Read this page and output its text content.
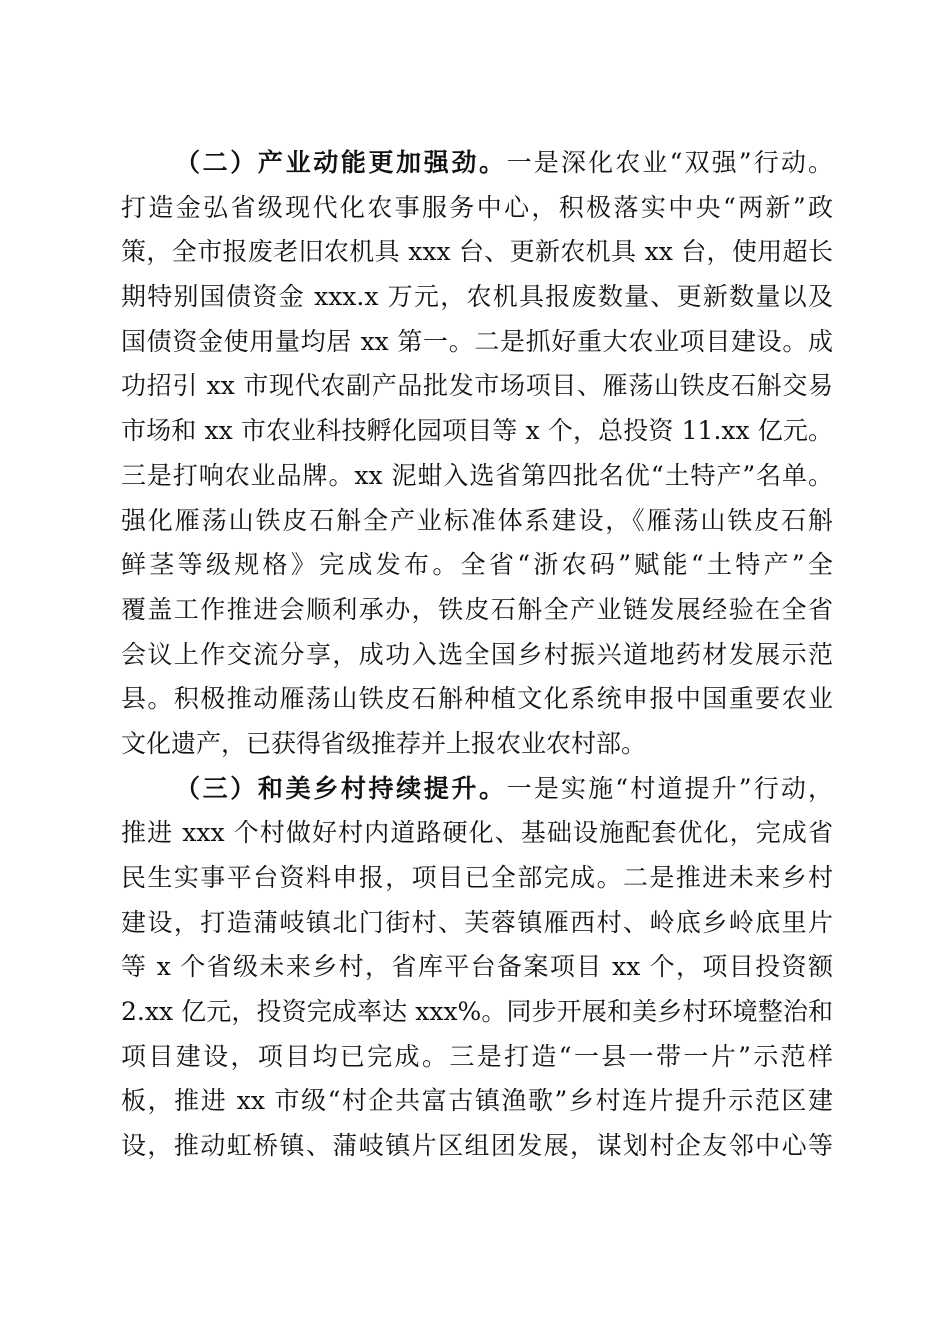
（二）产业动能更加强劲。一是深化农业“双强”行动。
打造金弘省级现代化农事服务中心，积极落实中央“两新”政
策，全市报废老旧农机具 xxx 台、更新农机具 xx 台，使用超长
期特别国债资金 xxx.x 万元，农机具报废数量、更新数量以及
国债资金使用量均居 xx 第一。二是抓好重大农业项目建设。成
功招引 xx 市现代农副产品批发市场项目、雁荡山铁皮石斛交易
市场和 xx 市农业科技孵化园项目等 x 个，总投资 11.xx 亿元。
三是打响农业品牌。xx 泥蚶入选省第四批名优“土特产”名单。
强化雁荡山铁皮石斛全产业标准体系建设，《雁荡山铁皮石斛
鲜茎等级规格》完成发布。全省“浙农码”赋能“土特产”全
覆盖工作推进会顺利承办，铁皮石斛全产业链发展经验在全省
会议上作交流分享，成功入选全国乡村振兴道地药材发展示范
县。积极推动雁荡山铁皮石斛种植文化系统申报中国重要农业
文化遗产，已获得省级推荐并上报农业农村部。
（三）和美乡村持续提升。一是实施“村道提升”行动，
推进 xxx 个村做好村内道路硬化、基础设施配套优化，完成省
民生实事平台资料申报，项目已全部完成。二是推进未来乡村
建设，打造蒲岐镇北门街村、芙蓉镇雁西村、岭底乡岭底里片
等 x 个省级未来乡村，省库平台备案项目 xx 个，项目投资额
2.xx 亿元，投资完成率达 xxx%。同步开展和美乡村环境整治和
项目建设，项目均已完成。三是打造“一县一带一片”示范样
板，推进 xx 市级“村企共富古镇渔歌”乡村连片提升示范区建
设，推动虹桥镇、蒲岐镇片区组团发展，谋划村企友邻中心等
